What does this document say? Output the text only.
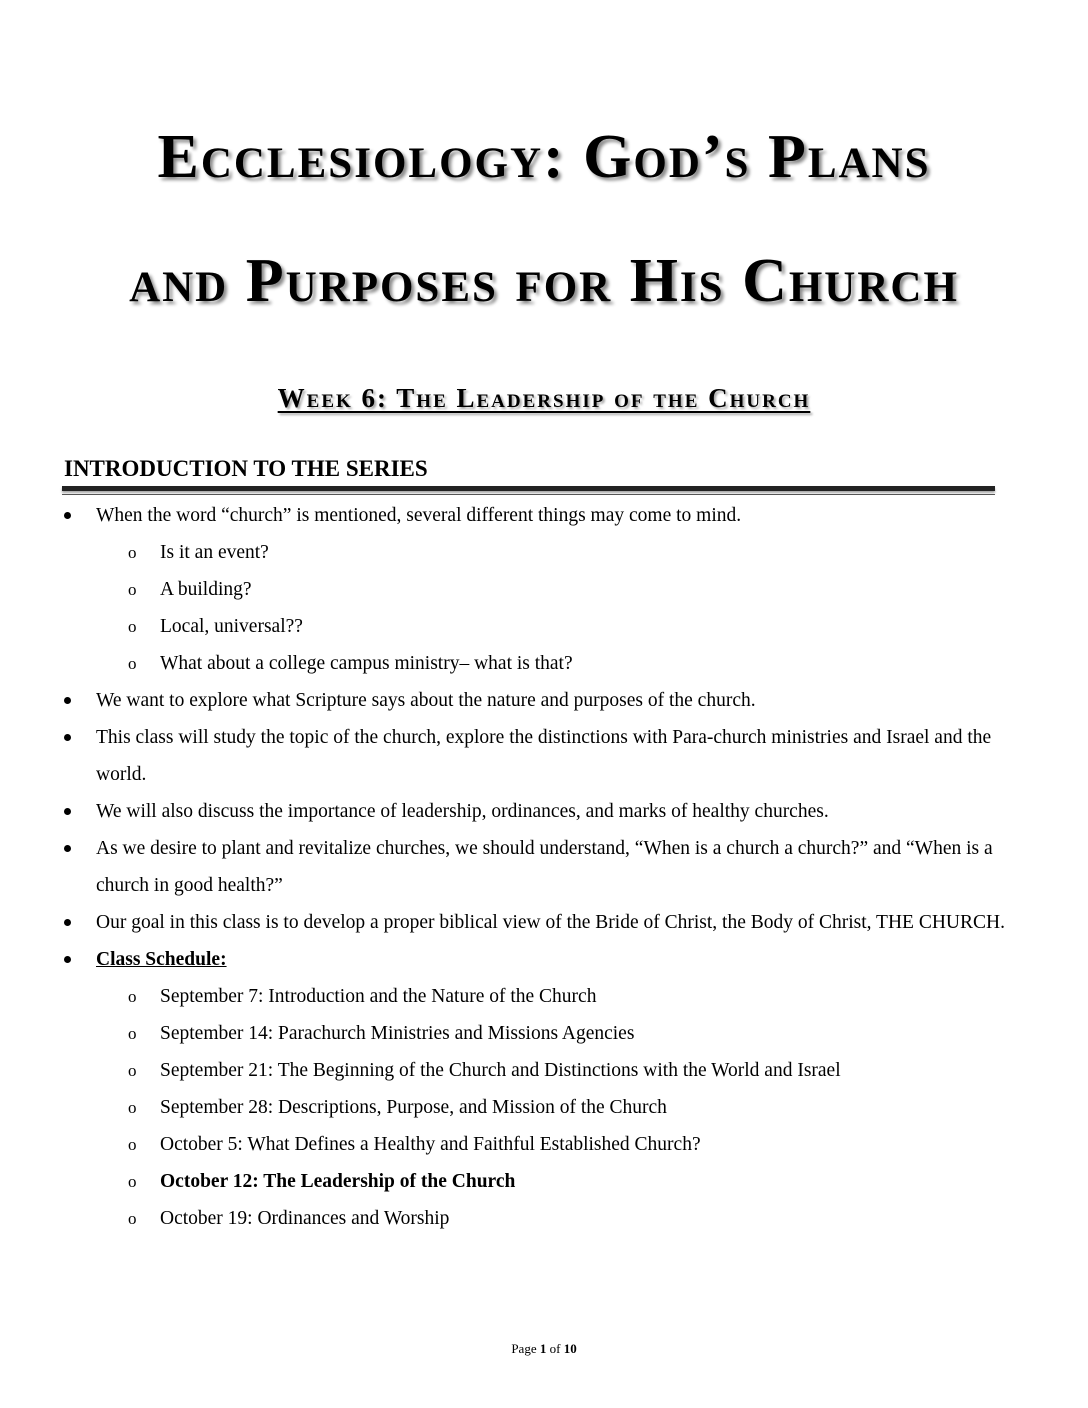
Ecclesiology: God’s Plans
and Purposes for His Church
Week 6: The Leadership of the Church
INTRODUCTION TO THE SERIES
When the word “church” is mentioned, several different things may come to mind.
o Is it an event?
o A building?
o Local, universal??
o What about a college campus ministry– what is that?
We want to explore what Scripture says about the nature and purposes of the church.
This class will study the topic of the church, explore the distinctions with Para-church ministries and Israel and the world.
We will also discuss the importance of leadership, ordinances, and marks of healthy churches.
As we desire to plant and revitalize churches, we should understand, “When is a church a church?” and “When is a church in good health?”
Our goal in this class is to develop a proper biblical view of the Bride of Christ, the Body of Christ, THE CHURCH.
Class Schedule:
o September 7: Introduction and the Nature of the Church
o September 14: Parachurch Ministries and Missions Agencies
o September 21: The Beginning of the Church and Distinctions with the World and Israel
o September 28: Descriptions, Purpose, and Mission of the Church
o October 5: What Defines a Healthy and Faithful Established Church?
o October 12: The Leadership of the Church
o October 19: Ordinances and Worship
Page 1 of 10
